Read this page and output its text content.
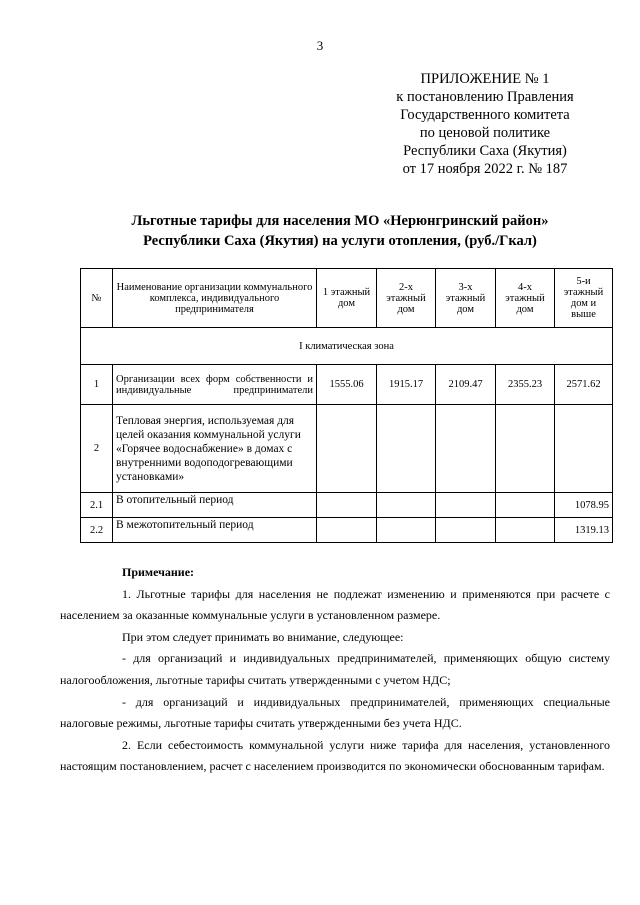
3
ПРИЛОЖЕНИЕ № 1
к постановлению Правления
Государственного комитета
по ценовой политике
Республики Саха (Якутия)
от 17 ноября 2022 г. № 187
Льготные тарифы для населения МО «Нерюнгринский район»
Республики Саха (Якутия) на услуги отопления, (руб./Гкал)
№	Наименование организации коммунального комплекса, индивидуального предпринимателя	1 этажный дом	2-х этажный дом	3-х этажный дом	4-х этажный дом	5-и этажный дом и выше
I климатическая зона						
1	Организации всех форм собственности и индивидуальные предприниматели	1555.06	1915.17	2109.47	2355.23	2571.62
2	Тепловая энергия, используемая для целей оказания коммунальной услуги «Горячее водоснабжение» в домах с внутренними водоподогревающими установками»					
2.1	В отопительный период					1078.95
2.2	В межотопительный период					1319.13

Примечание:

1. Льготные тарифы для населения не подлежат изменению и применяются при расчете с населением за оказанные коммунальные услуги в установленном размере.

При этом следует принимать во внимание, следующее:

- для организаций и индивидуальных предпринимателей, применяющих общую систему налогообложения, льготные тарифы считать утвержденными с учетом НДС;

- для организаций и индивидуальных предпринимателей, применяющих специальные налоговые режимы, льготные тарифы считать утвержденными без учета НДС.

2. Если себестоимость коммунальной услуги ниже тарифа для населения, установленного настоящим постановлением, расчет с населением производится по экономически обоснованным тарифам.
